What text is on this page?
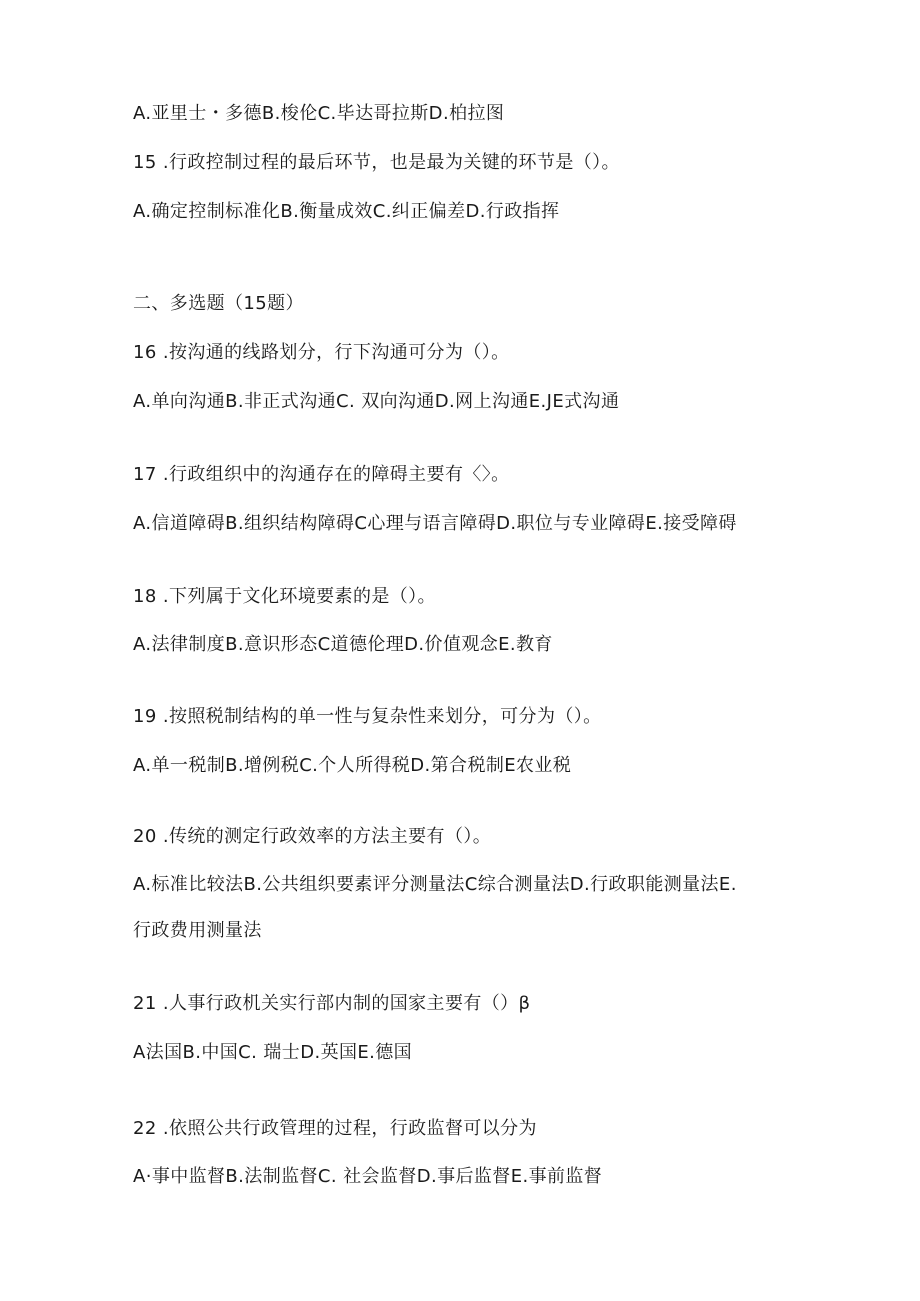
A.亚里士・多德B.梭伦C.毕达哥拉斯D.柏拉图
15 .行政控制过程的最后环节，也是最为关键的环节是（）。
A.确定控制标准化B.衡量成效C.纠正偏差D.行政指挥
二、多选题（15题）
16 .按沟通的线路划分，行下沟通可分为（）。
A.单向沟通B.非正式沟通C. 双向沟通D.网上沟通E.JE式沟通
17 .行政组织中的沟通存在的障碍主要有〈〉。
A.信道障碍B.组织结构障碍C心理与语言障碍D.职位与专业障碍E.接受障碍
18 .下列属于文化环境要素的是（）。
A.法律制度B.意识形态C道德伦理D.价值观念E.教育
19 .按照税制结构的单一性与复杂性来划分，可分为（）。
A.单一税制B.增例税C.个人所得税D.第合税制E农业税
20 .传统的测定行政效率的方法主要有（）。
A.标准比较法B.公共组织要素评分测量法C综合测量法D.行政职能测量法E.
行政费用测量法
21 .人事行政机关实行部内制的国家主要有（）β
A法国B.中国C. 瑞士D.英国E.德国
22 .依照公共行政管理的过程，行政监督可以分为
A·事中监督B.法制监督C. 社会监督D.事后监督E.事前监督
